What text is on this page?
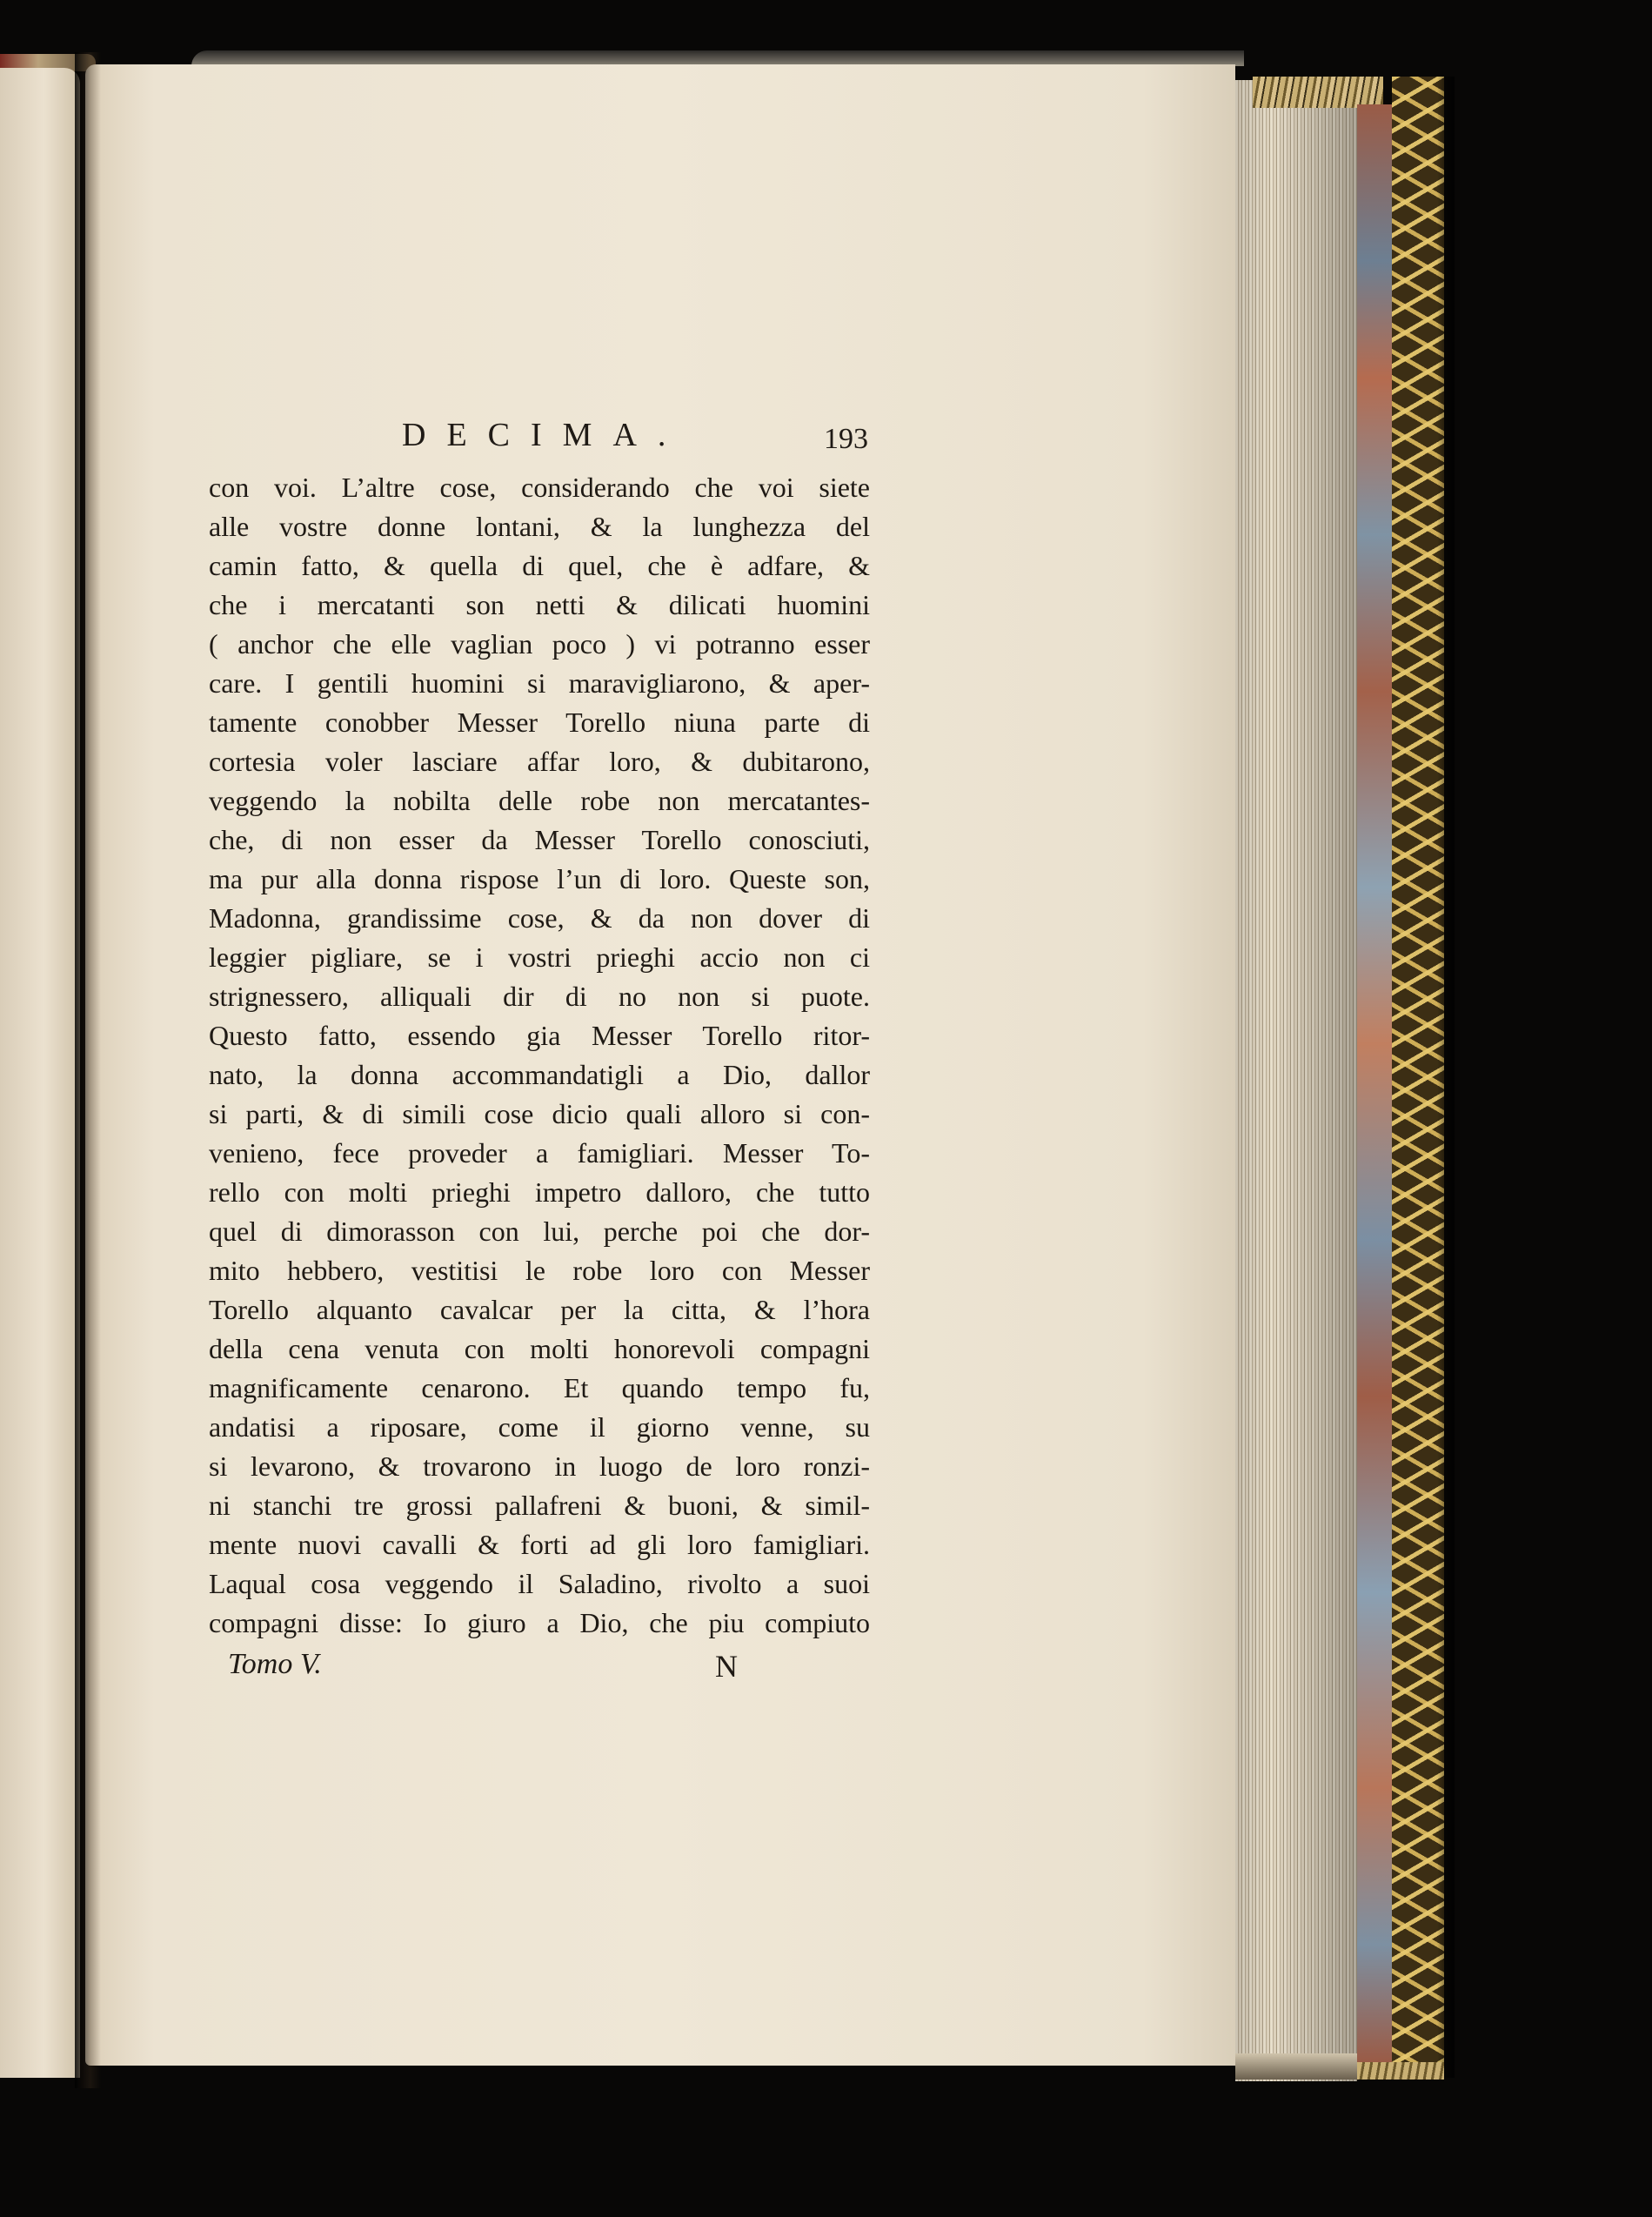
DECIMA.	193
con voi. L’altre cose, considerando che voi siete
alle vostre donne lontani, & la lunghezza del
camin fatto, & quella di quel, che è adfare, &
che i mercatanti son netti & dilicati huomini
( anchor che elle vaglian poco ) vi potranno esser
care. I gentili huomini si maravigliarono, & aper-
tamente conobber Messer Torello niuna parte di
cortesia voler lasciare affar loro, & dubitarono,
veggendo la nobilta delle robe non mercatantes-
che, di non esser da Messer Torello conosciuti,
ma pur alla donna rispose l’un di loro. Queste son,
Madonna, grandissime cose, & da non dover di
leggier pigliare, se i vostri prieghi accio non ci
strignessero, alliquali dir di no non si puote.
Questo fatto, essendo gia Messer Torello ritor-
nato, la donna accommandatigli a Dio, dallor
si parti, & di simili cose dicio quali alloro si con-
venieno, fece proveder a famigliari. Messer To-
rello con molti prieghi impetro dalloro, che tutto
quel di dimorasson con lui, perche poi che dor-
mito hebbero, vestitisi le robe loro con Messer
Torello alquanto cavalcar per la citta, & l’hora
della cena venuta con molti honorevoli compagni
magnificamente cenarono. Et quando tempo fu,
andatisi a riposare, come il giorno venne, su
si levarono, & trovarono in luogo de loro ronzi-
ni stanchi tre grossi pallafreni & buoni, & simil-
mente nuovi cavalli & forti ad gli loro famigliari.
Laqual cosa veggendo il Saladino, rivolto a suoi
compagni disse: Io giuro a Dio, che piu compiuto
Tomo V.	N
